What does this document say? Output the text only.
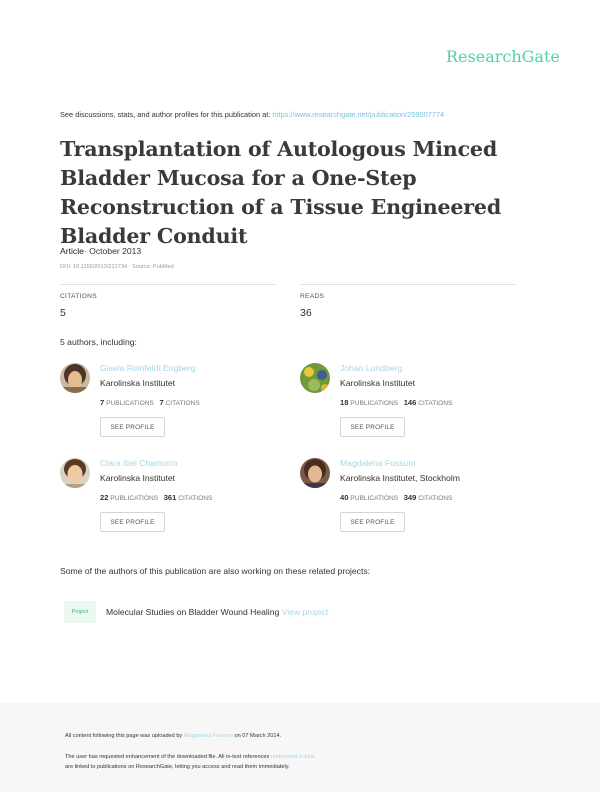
ResearchGate
See discussions, stats, and author profiles for this publication at: https://www.researchgate.net/publication/259007774
Transplantation of Autologous Minced Bladder Mucosa for a One-Step Reconstruction of a Tissue Engineered Bladder Conduit
Article· October 2013
DOI: 10.1155/2013/212734 · Source: PubMed
CITATIONS
5
READS
36
5 authors, including:
Gisela Reinfeldt Engberg
Karolinska Institutet
7 PUBLICATIONS 7 CITATIONS
SEE PROFILE
Johan Lundberg
Karolinska Institutet
18 PUBLICATIONS 146 CITATIONS
SEE PROFILE
Clara Ibel Chamorro
Karolinska Institutet
22 PUBLICATIONS 361 CITATIONS
SEE PROFILE
Magdalena Fossum
Karolinska Institutet, Stockholm
40 PUBLICATIONS 349 CITATIONS
SEE PROFILE
Some of the authors of this publication are also working on these related projects:
Project	Molecular Studies on Bladder Wound Healing View project
All content following this page was uploaded by Magdalena Fossum on 07 March 2014.
The user has requested enhancement of the downloaded file. All in-text references underlined in blue
are linked to publications on ResearchGate, letting you access and read them immediately.
